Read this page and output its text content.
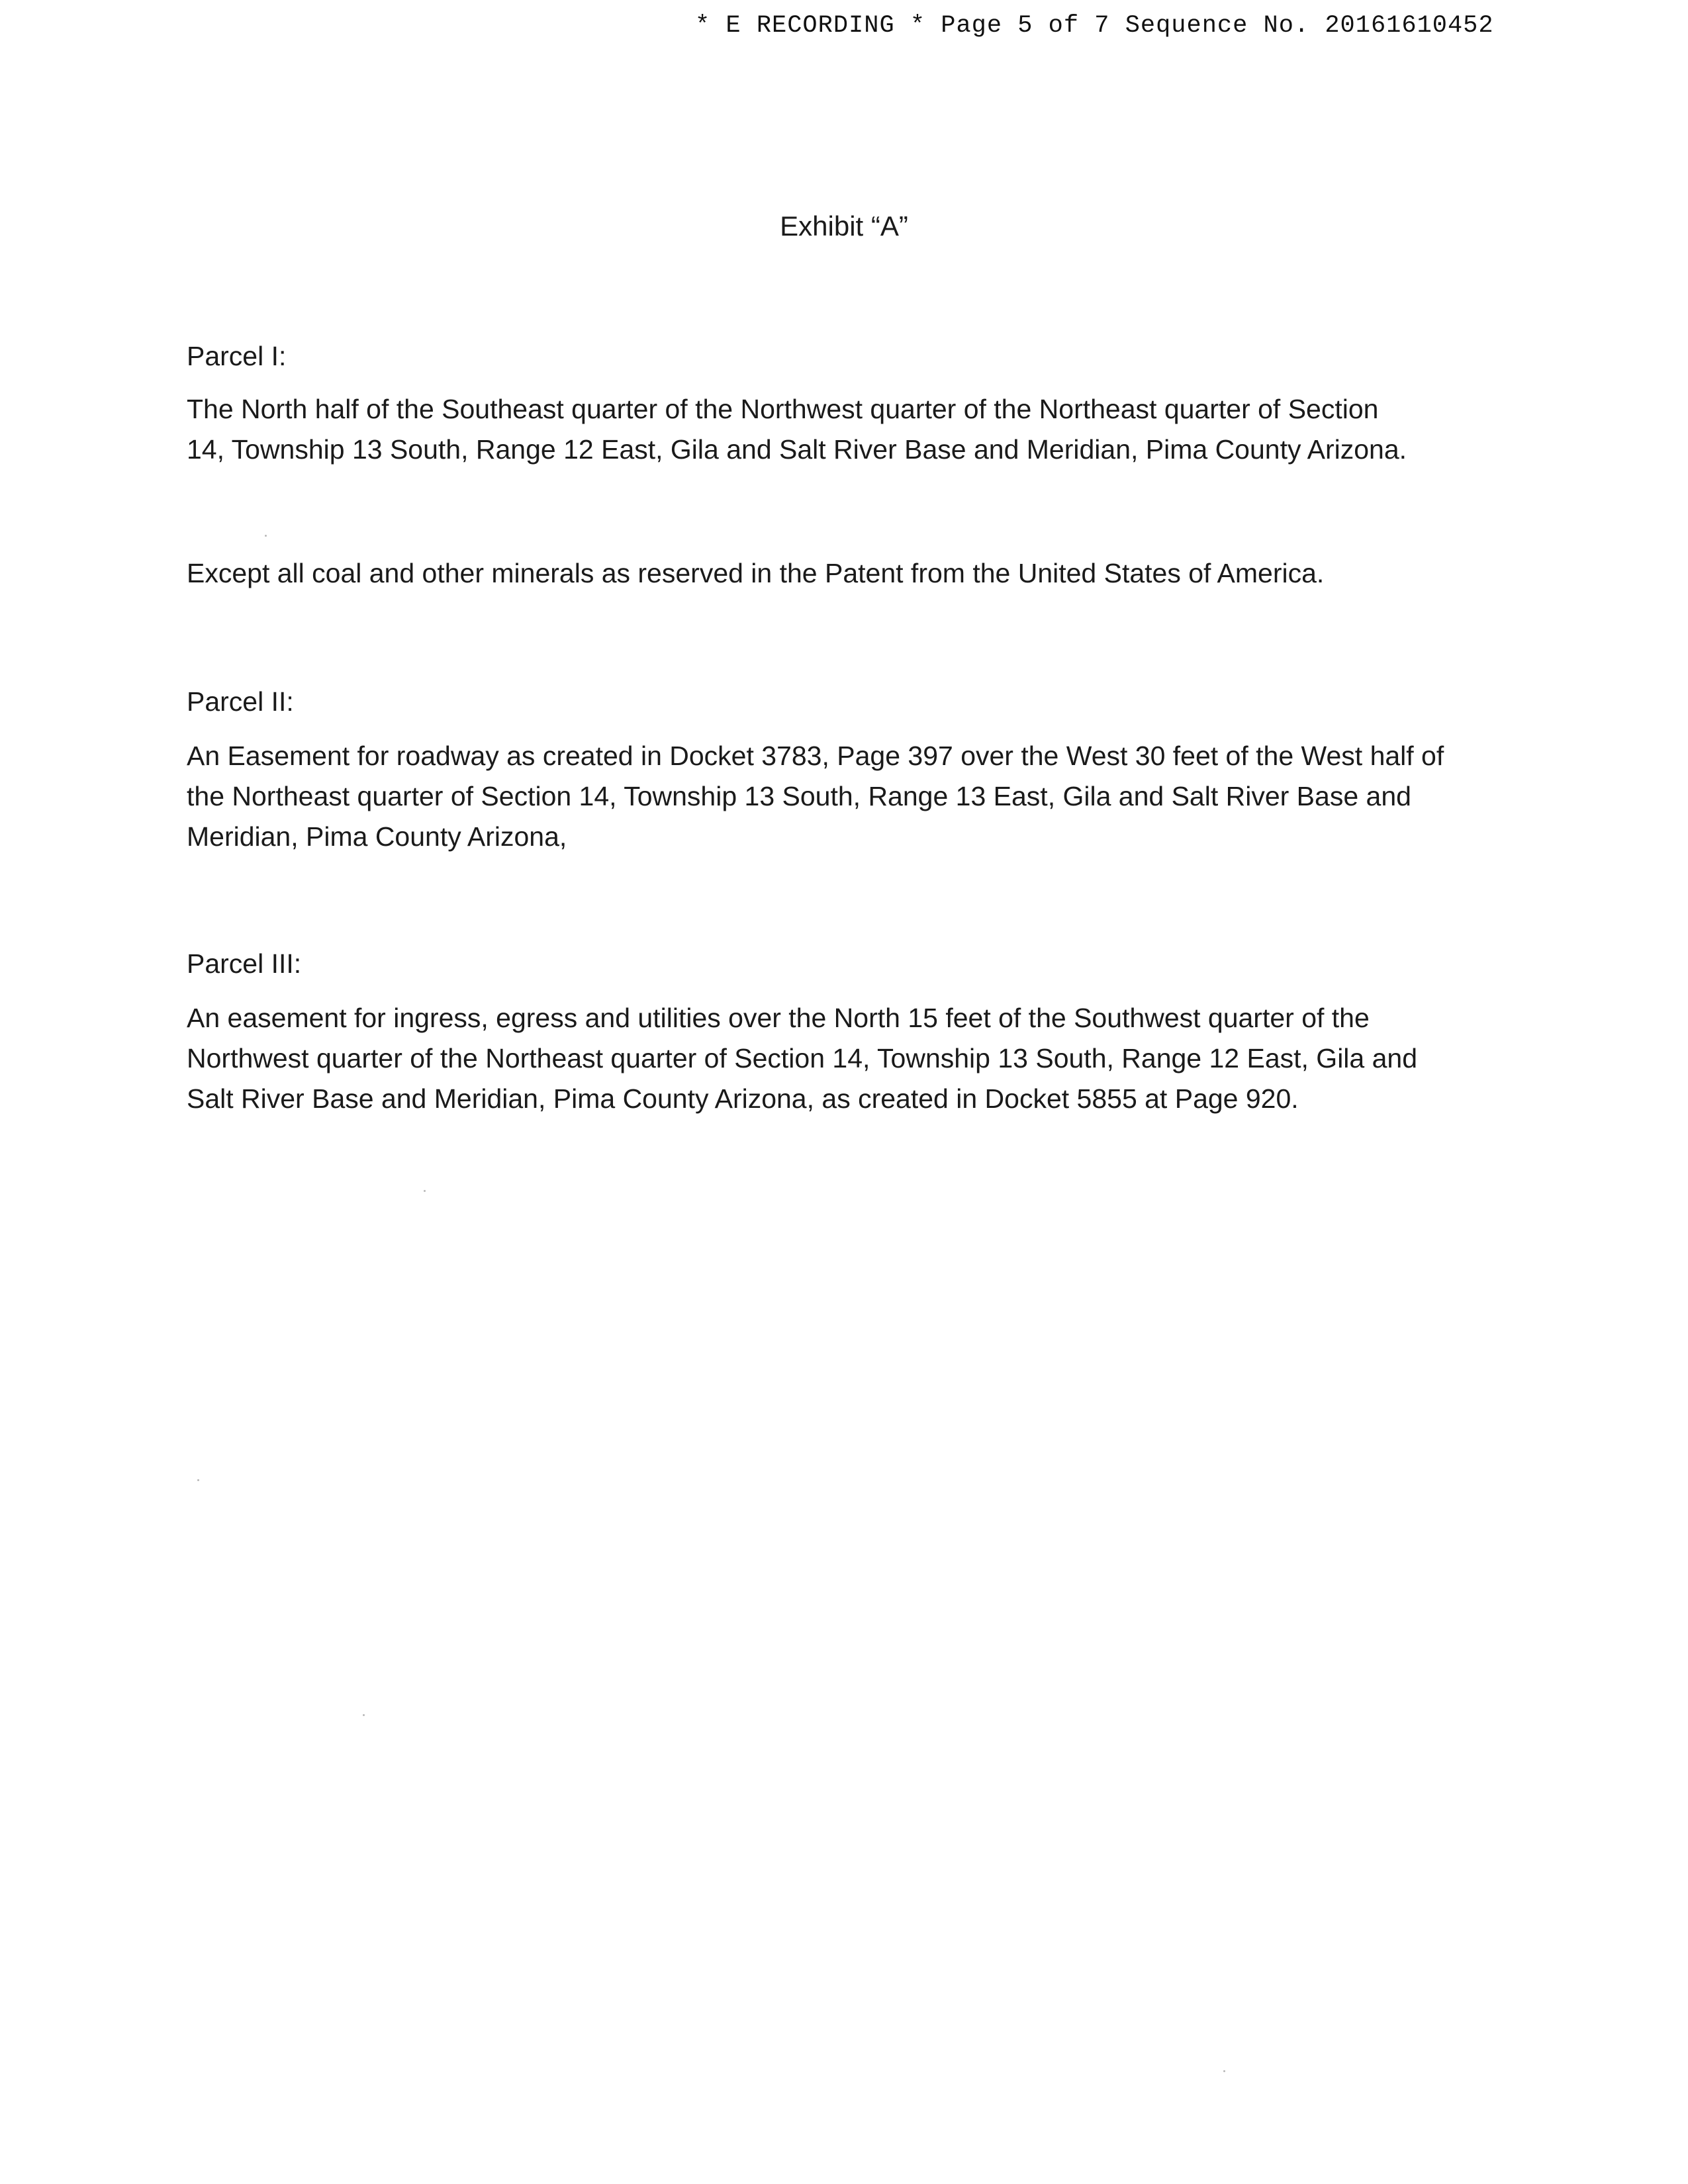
* E RECORDING * Page 5 of 7 Sequence No. 20161610452
Exhibit “A”
Parcel I:
The North half of the Southeast quarter of the Northwest quarter of the Northeast quarter of Section
14, Township 13 South, Range 12 East, Gila and Salt River Base and Meridian, Pima County Arizona.
Except all coal and other minerals as reserved in the Patent from the United States of America.
Parcel II:
An Easement for roadway as created in Docket 3783, Page 397 over the West 30 feet of the West half of
the Northeast quarter of Section 14, Township 13 South, Range 13 East, Gila and Salt River Base and
Meridian, Pima County Arizona,
Parcel III:
An easement for ingress, egress and utilities over the North 15 feet of the Southwest quarter of the
Northwest quarter of the Northeast quarter of Section 14, Township 13 South, Range 12 East, Gila and
Salt River Base and Meridian, Pima County Arizona, as created in Docket 5855 at Page 920.
